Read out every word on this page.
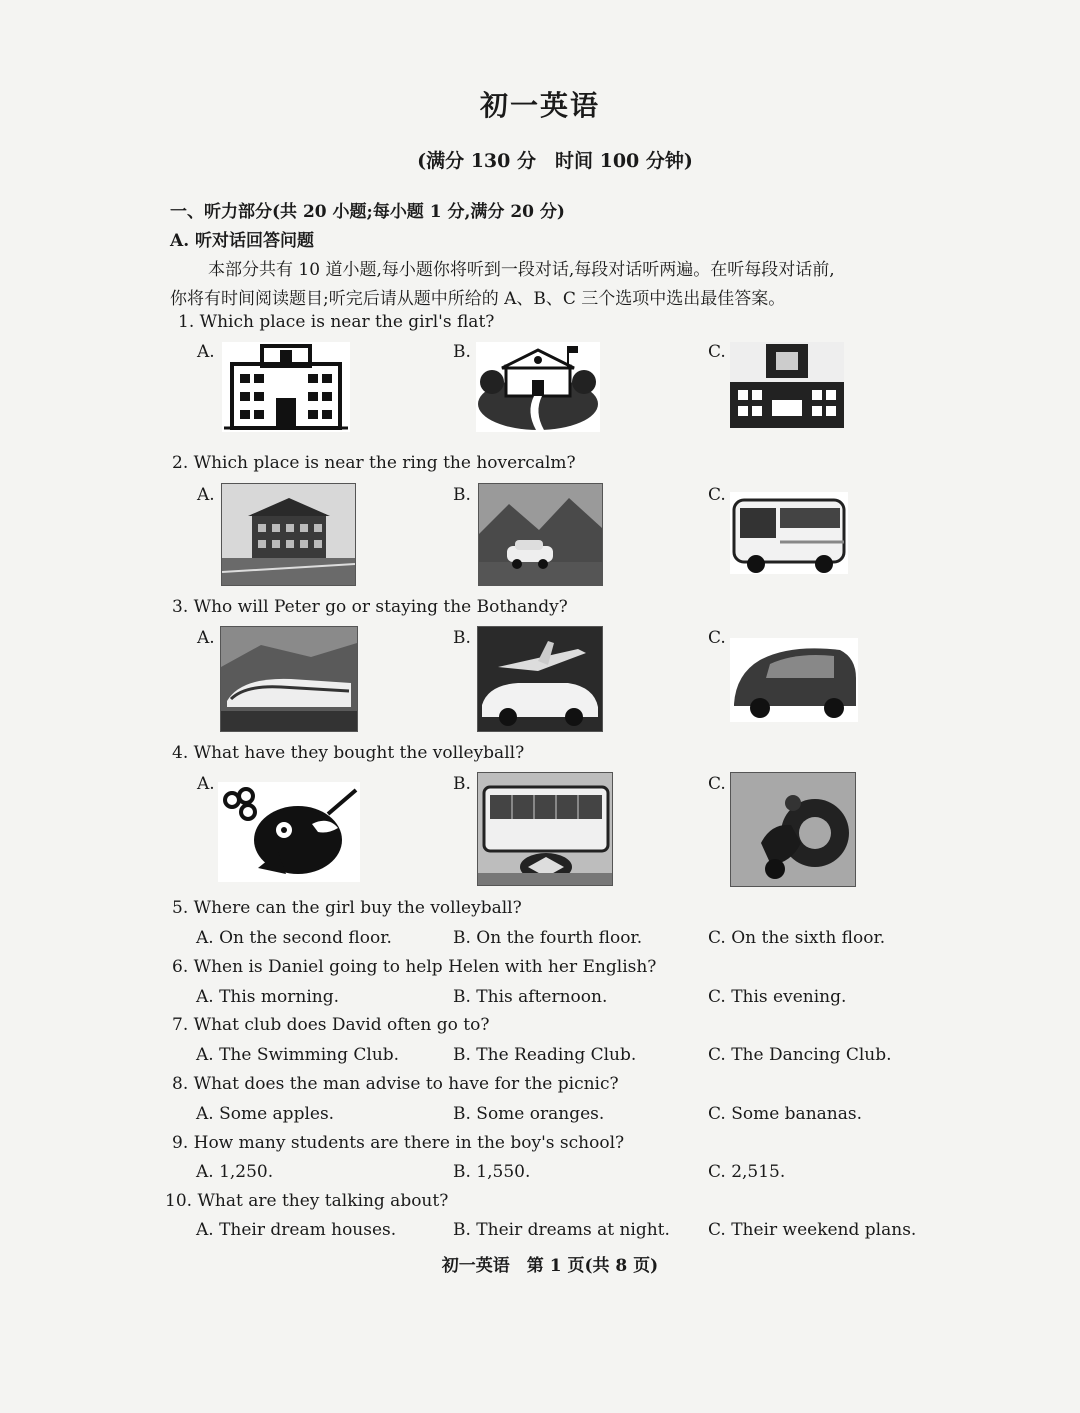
初一英语
(满分 130 分　时间 100 分钟)
一、听力部分(共 20 小题;每小题 1 分,满分 20 分)
A. 听对话回答问题
本部分共有 10 道小题,每小题你将听到一段对话,每段对话听两遍。在听每段对话前,
你将有时间阅读题目;听完后请从题中所给的 A、B、C 三个选项中选出最佳答案。
1. Which place is near the girl's flat?
A.	B.	C.
2. Which place is near the ring the hovercalm?
A.	B.	C.
3. Who will Peter go or staying the Bothandy?
A.	B.	C.
4. What have they bought the volleyball?
A.	B.	C.
5. Where can the girl buy the volleyball?
A. On the second floor.	B. On the fourth floor.	C. On the sixth floor.
6. When is Daniel going to help Helen with her English?
A. This morning.	B. This afternoon.	C. This evening.
7. What club does David often go to?
A. The Swimming Club.	B. The Reading Club.	C. The Dancing Club.
8. What does the man advise to have for the picnic?
A. Some apples.	B. Some oranges.	C. Some bananas.
9. How many students are there in the boy's school?
A. 1,250.	B. 1,550.	C. 2,515.
10. What are they talking about?
A. Their dream houses.	B. Their dreams at night. C. Their weekend plans.
初一英语　第 1 页(共 8 页)
